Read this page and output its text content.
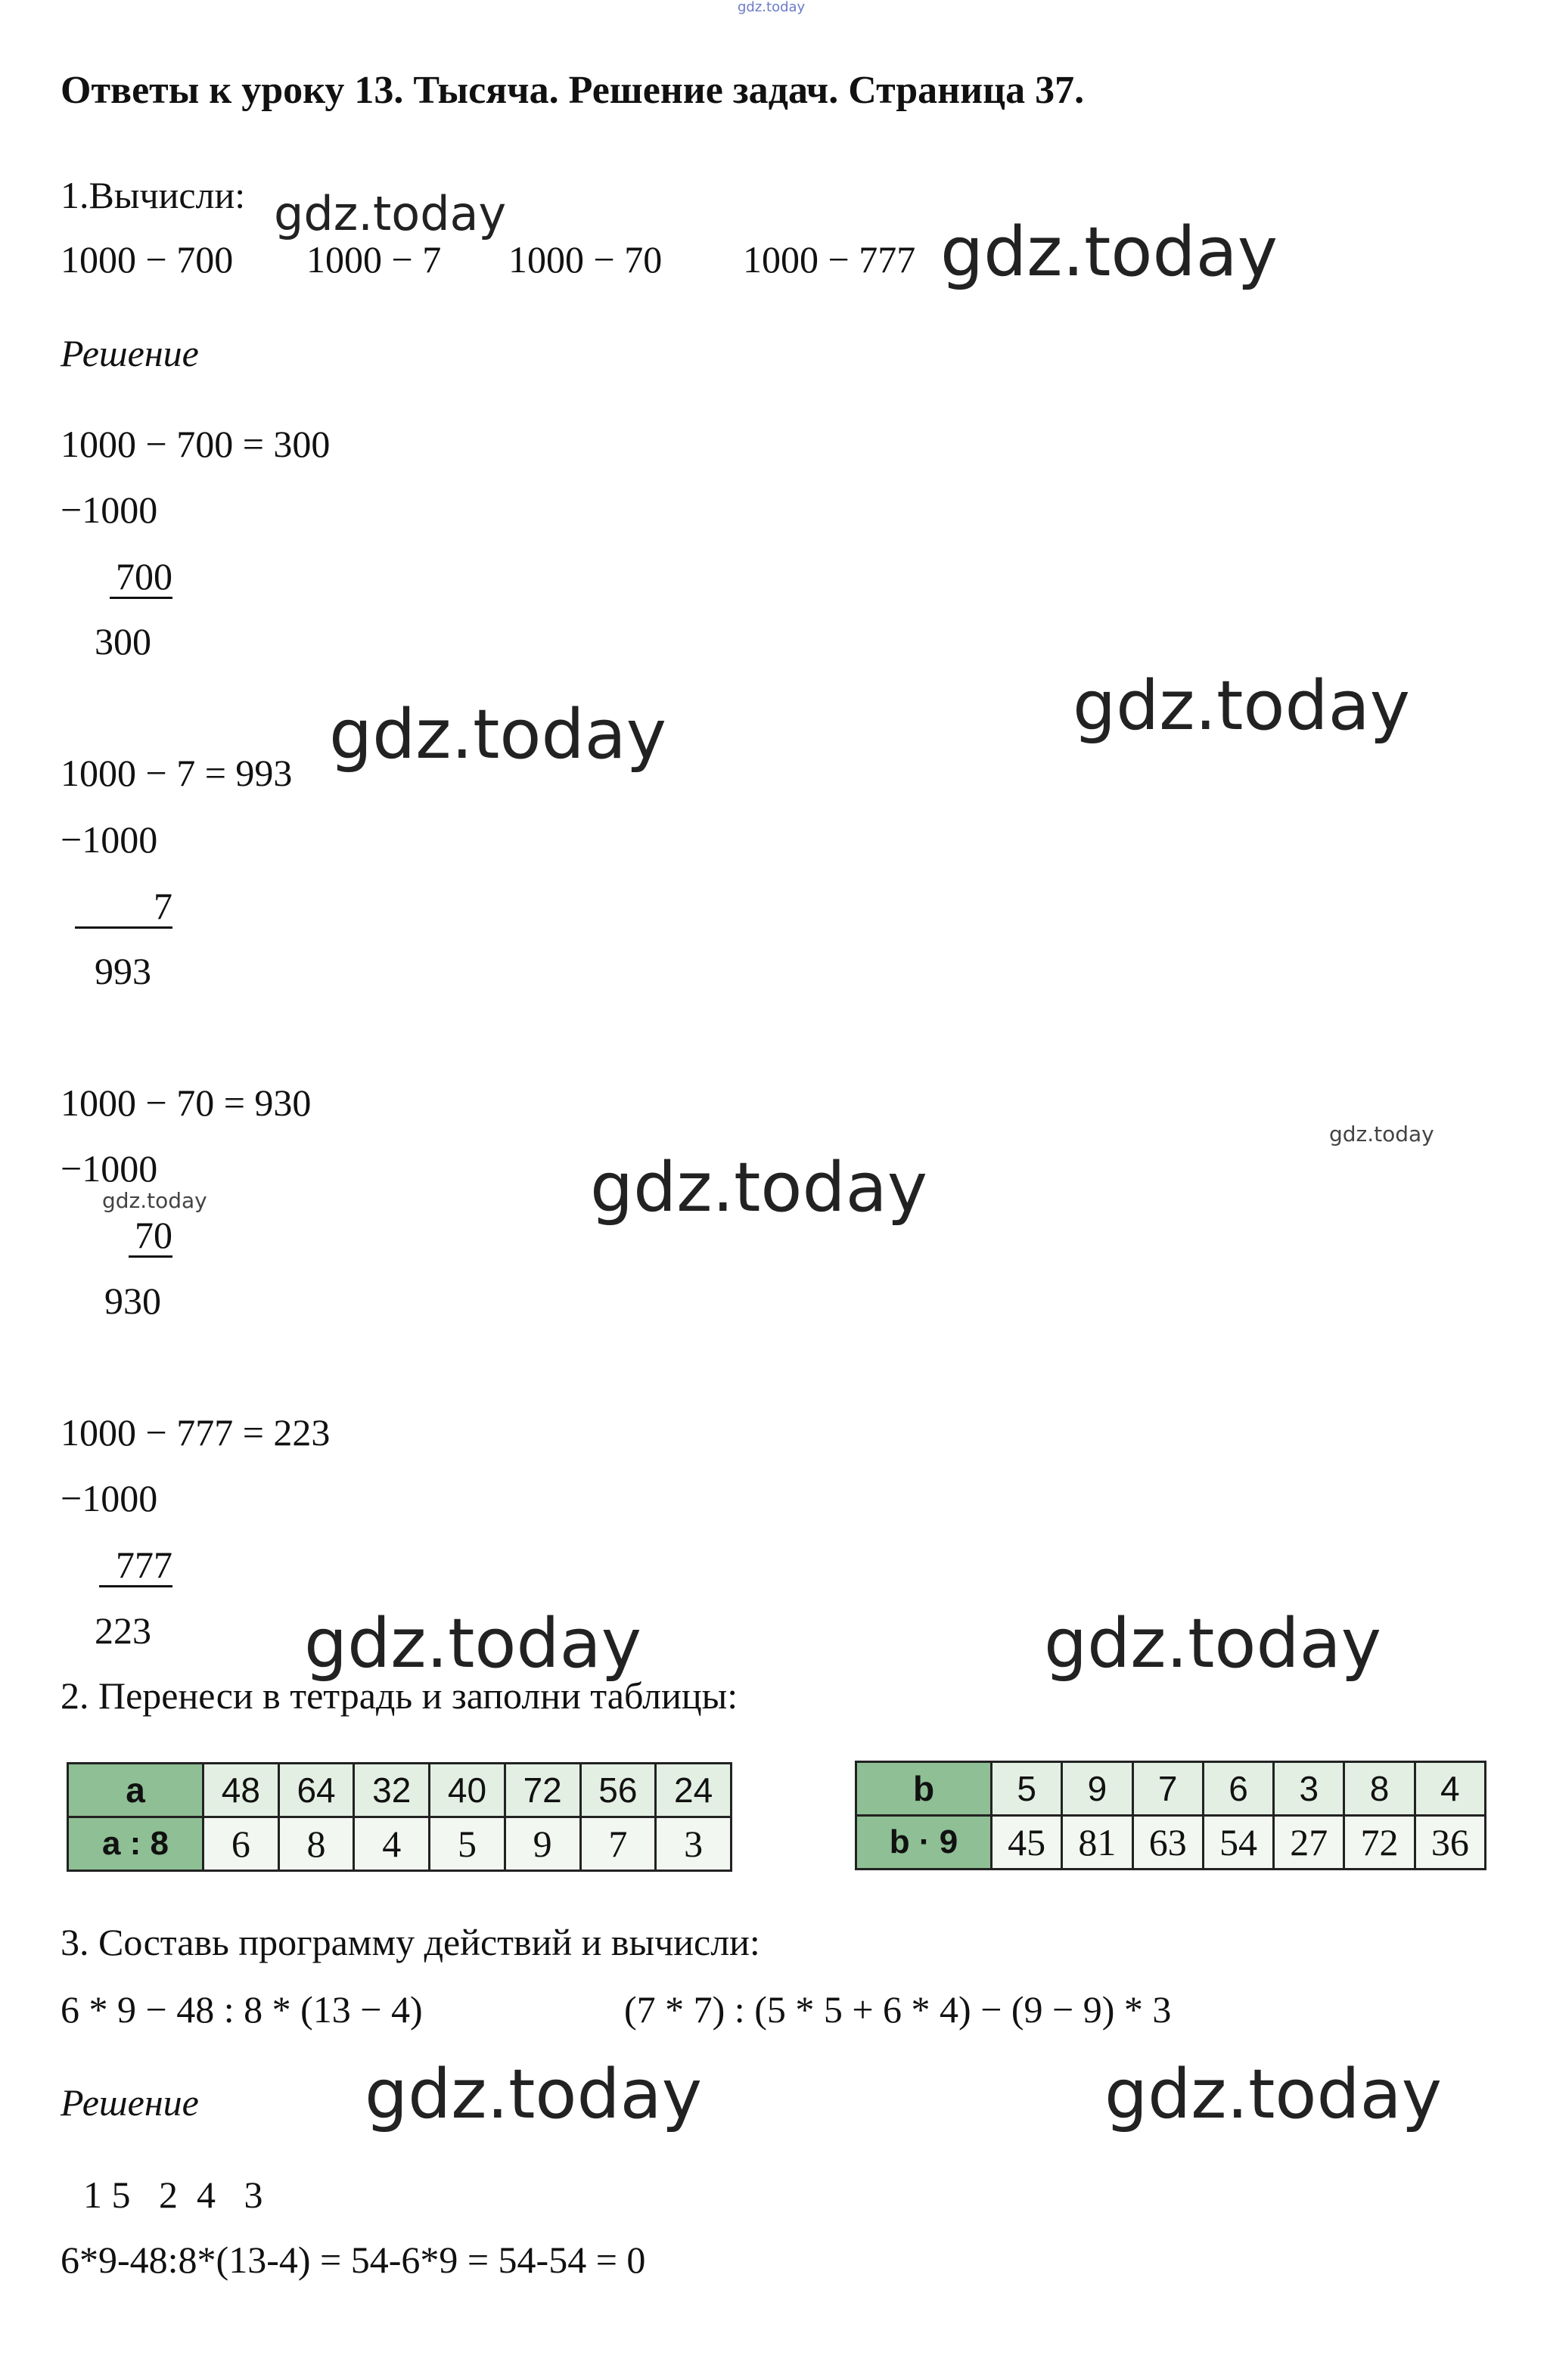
gdz.today
Ответы к уроку 13. Тысяча. Решение задач. Страница 37.
1.Вычисли:
1000 − 700 1000 − 7 1000 − 70 1000 − 777
Решение
1000 − 700 = 300
−1000
700
300
1000 − 7 = 993
−1000
7
993
1000 − 70 = 930
−1000
70
930
1000 − 777 = 223
−1000
777
223
2. Перенеси в тетрадь и заполни таблицы:
a	48	64	32	40	72	56	24
a : 8	6	8	4	5	9	7	3
b	5	9	7	6	3	8	4
b · 9	45	81	63	54	27	72	36
3. Составь программу действий и вычисли:
6 * 9 − 48 : 8 * (13 − 4)	(7 * 7) : (5 * 5 + 6 * 4) − (9 − 9) * 3
Решение
1 5   2  4   3
6*9-48:8*(13-4) = 54-6*9 = 54-54 = 0
gdz.today	gdz.today
gdz.today
gdz.today
gdz.today
gdz.today
gdz.today
gdz.today	gdz.today
gdz.today	gdz.today
